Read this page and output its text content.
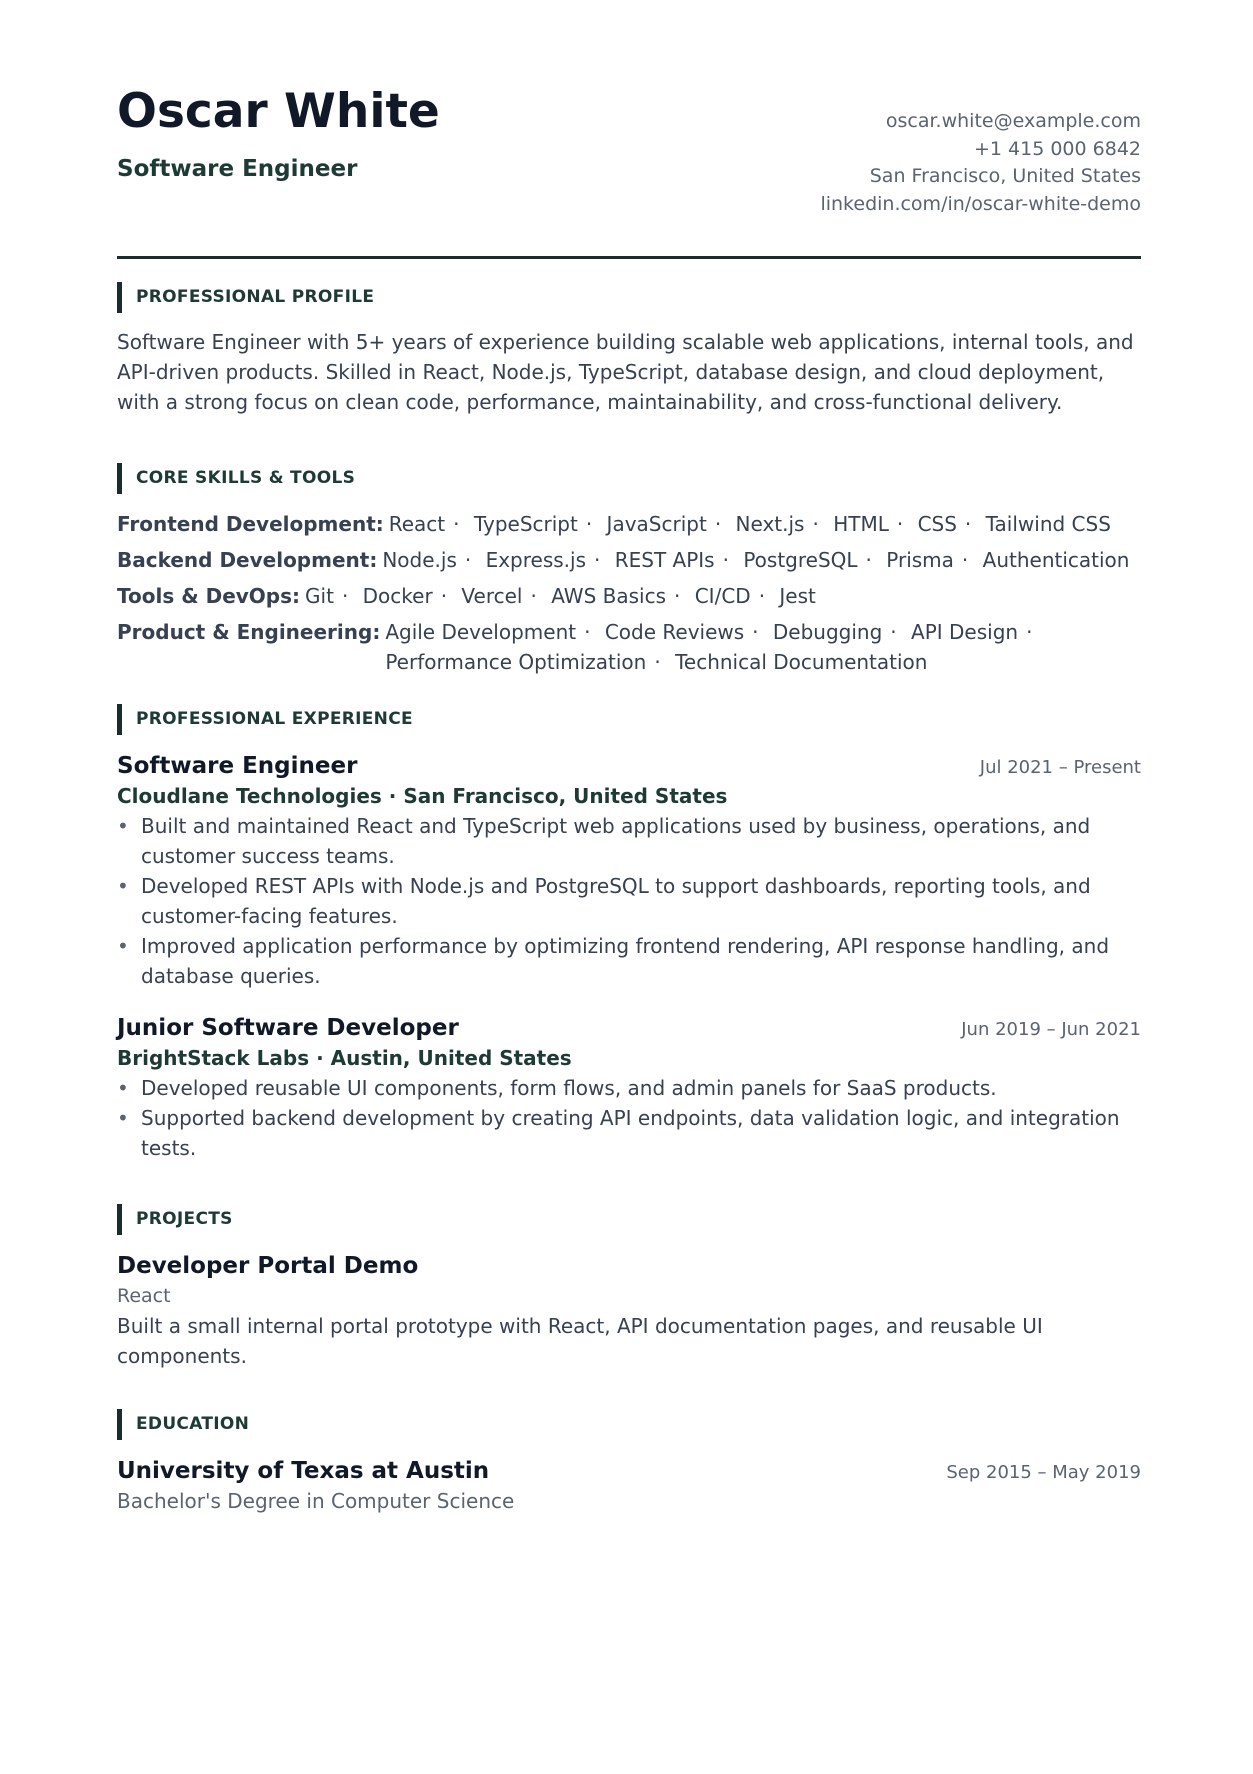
Oscar White
Software Engineer
oscar.white@example.com
+1 415 000 6842
San Francisco, United States
linkedin.com/in/oscar-white-demo
PROFESSIONAL PROFILE

Software Engineer with 5+ years of experience building scalable web applications, internal tools, and API-driven products. Skilled in React, Node.js, TypeScript, database design, and cloud deployment, with a strong focus on clean code, performance, maintainability, and cross-functional delivery.

CORE SKILLS & TOOLS
Frontend Development: React · TypeScript · JavaScript · Next.js · HTML · CSS · Tailwind CSS
Backend Development: Node.js · Express.js · REST APIs · PostgreSQL · Prisma · Authentication
Tools & DevOps: Git · Docker · Vercel · AWS Basics · CI/CD · Jest
Product & Engineering: Agile Development · Code Reviews · Debugging · API Design · Performance Optimization · Technical Documentation
PROFESSIONAL EXPERIENCE
Software Engineer	Jul 2021 – Present
Cloudlane Technologies · San Francisco, United States
• Built and maintained React and TypeScript web applications used by business, operations, and customer success teams.
• Developed REST APIs with Node.js and PostgreSQL to support dashboards, reporting tools, and customer-facing features.
• Improved application performance by optimizing frontend rendering, API response handling, and database queries.
Junior Software Developer	Jun 2019 – Jun 2021
BrightStack Labs · Austin, United States
• Developed reusable UI components, form flows, and admin panels for SaaS products.
• Supported backend development by creating API endpoints, data validation logic, and integration tests.
PROJECTS
Developer Portal Demo
React

Built a small internal portal prototype with React, API documentation pages, and reusable UI components.

EDUCATION
University of Texas at Austin	Sep 2015 – May 2019
Bachelor's Degree in Computer Science
